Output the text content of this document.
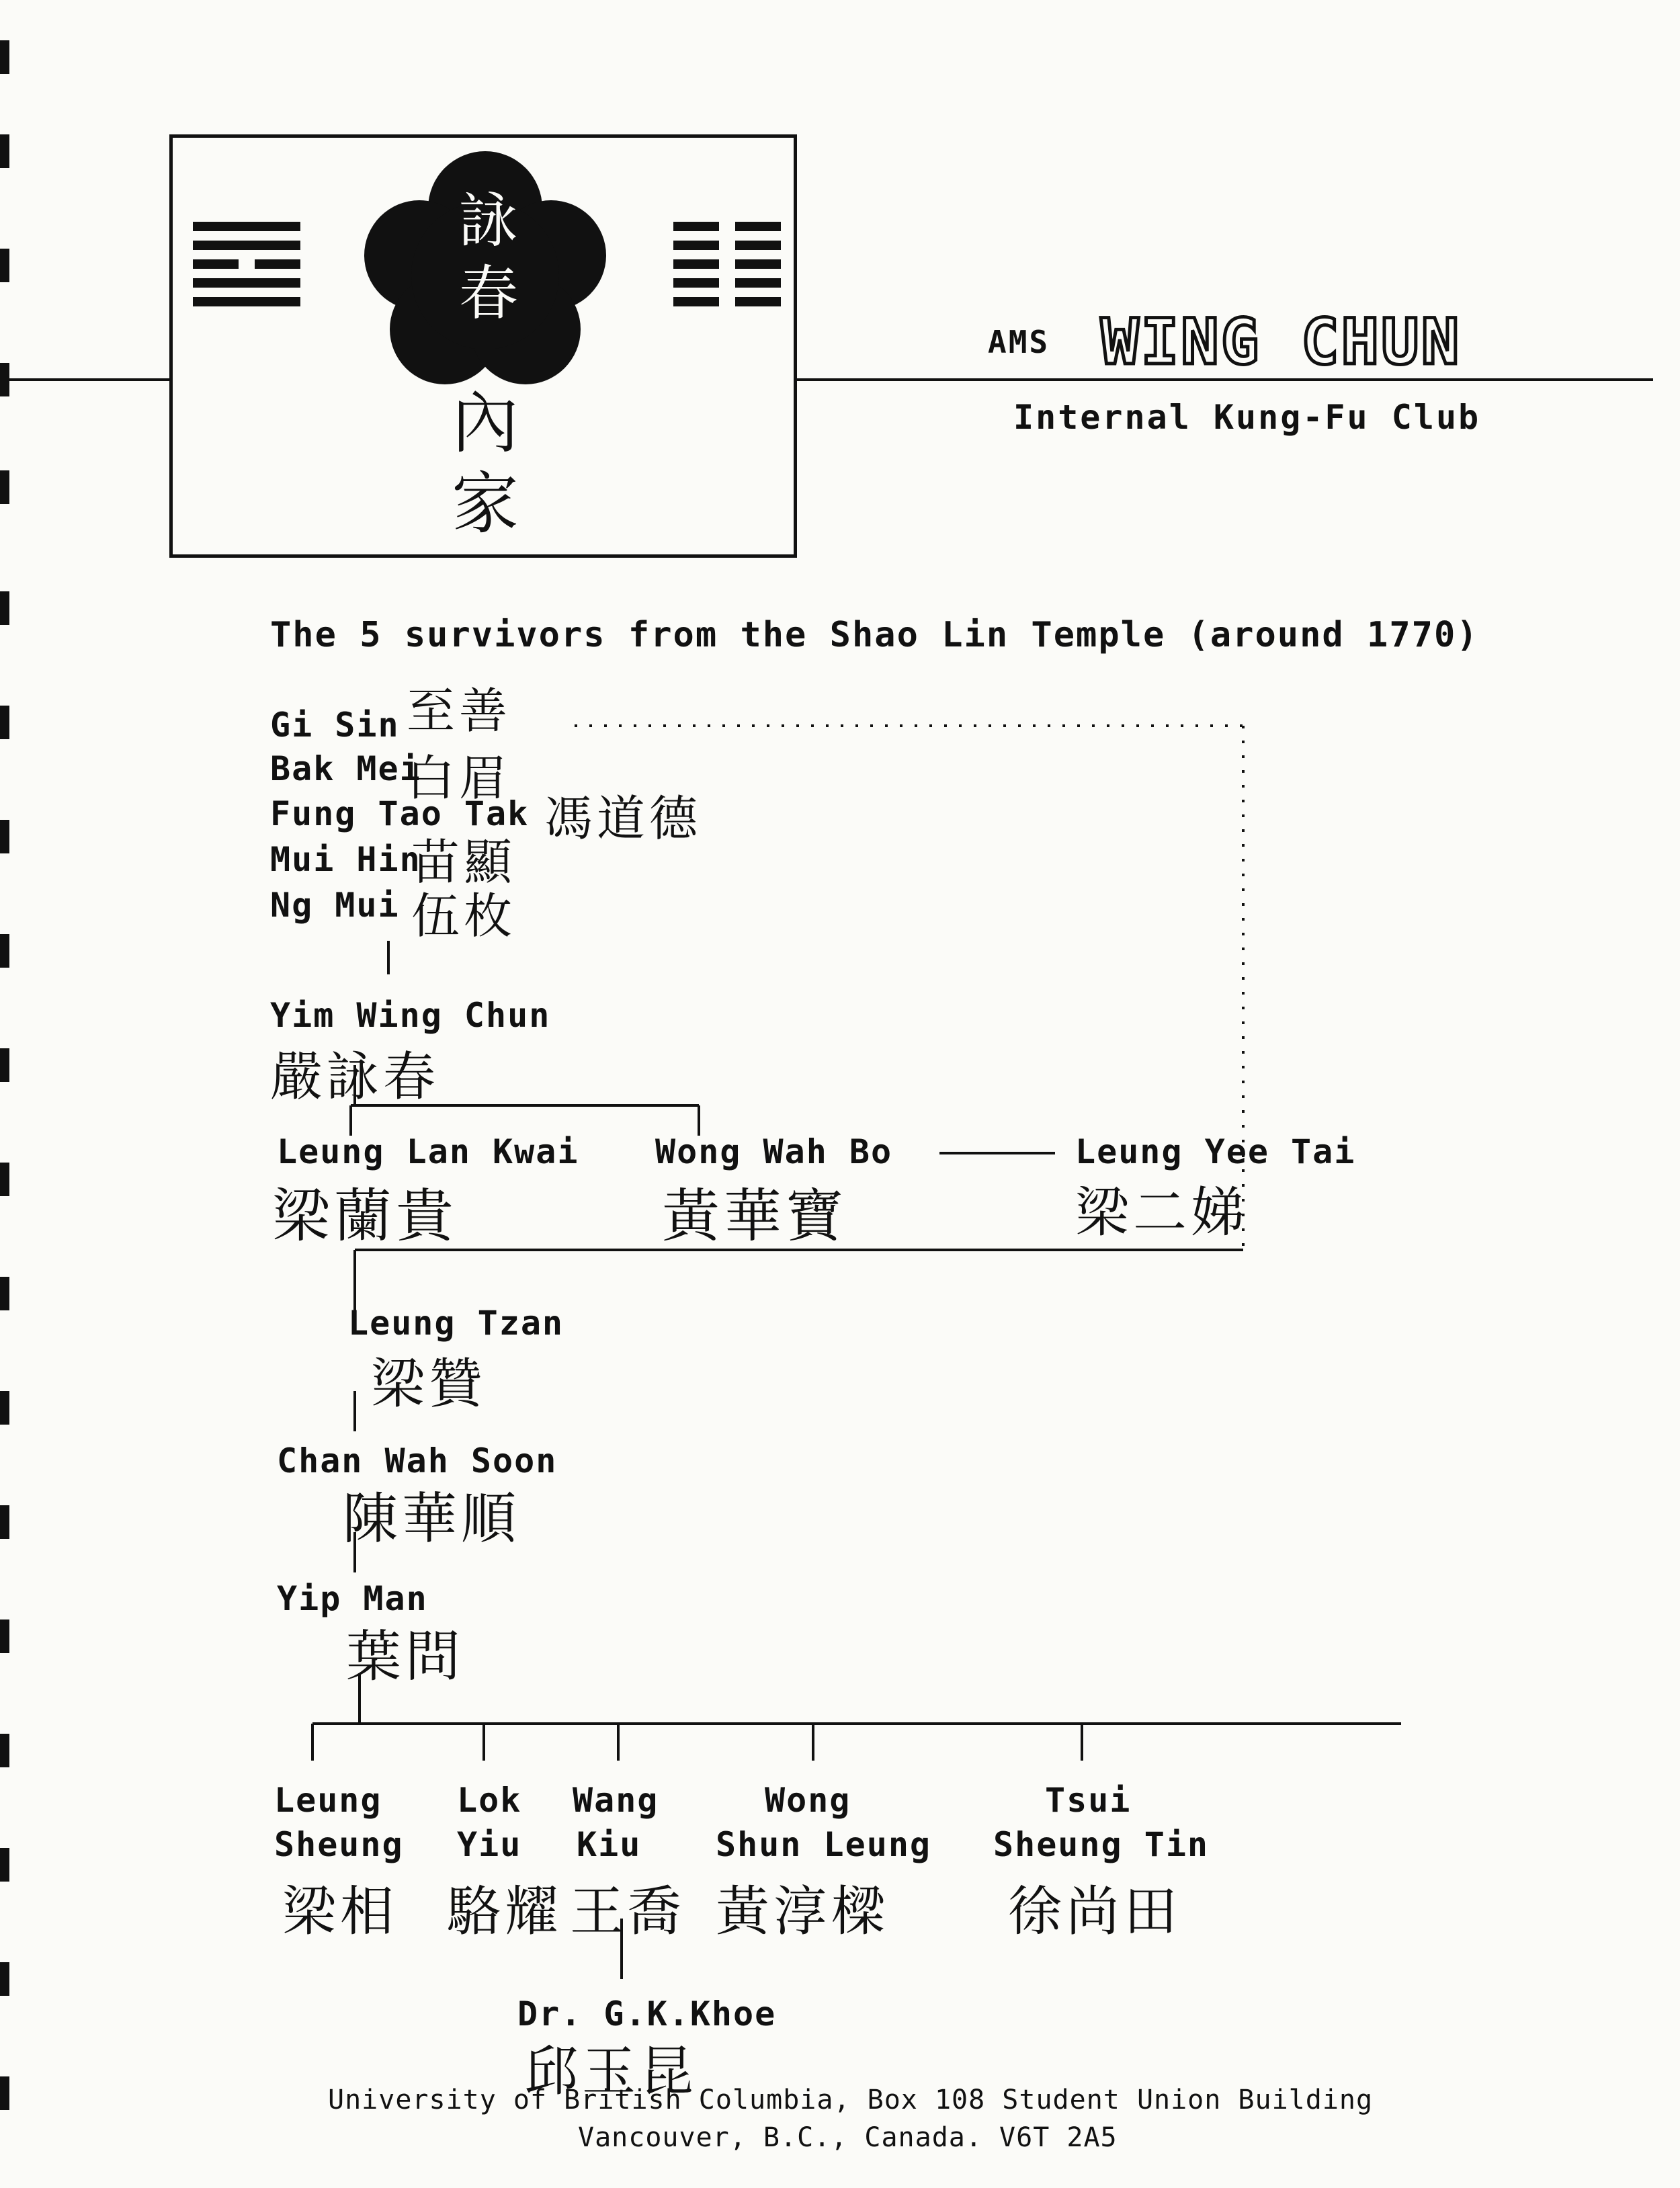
詠春
內
家
AMS WING CHUN
Internal Kung-Fu Club
The 5 survivors from the Shao Lin Temple (around 1770)
Gi Sin 至善
Bak Mei
白眉
Fung Tao Tak 馮道德
Mui Hin
苗顯
Ng Mui 伍枚
Yim Wing Chun
嚴詠春
Leung Lan Kwai
梁蘭貴
Wong Wah Bo
黃華寶
Leung Yee Tai
梁二娣
Leung Tzan
梁贊
Chan Wah Soon
陳華順
Yip Man
葉問
Leung
Sheung
梁相
Lok
Yiu
駱耀
Wang
Kiu
王喬
Wong
Shun Leung
黃淳樑
Tsui
Sheung Tin
徐尚田
Dr. G.K.Khoe
邱玉昆
University of British Columbia, Box 108 Student Union Building
Vancouver, B.C., Canada. V6T 2A5
